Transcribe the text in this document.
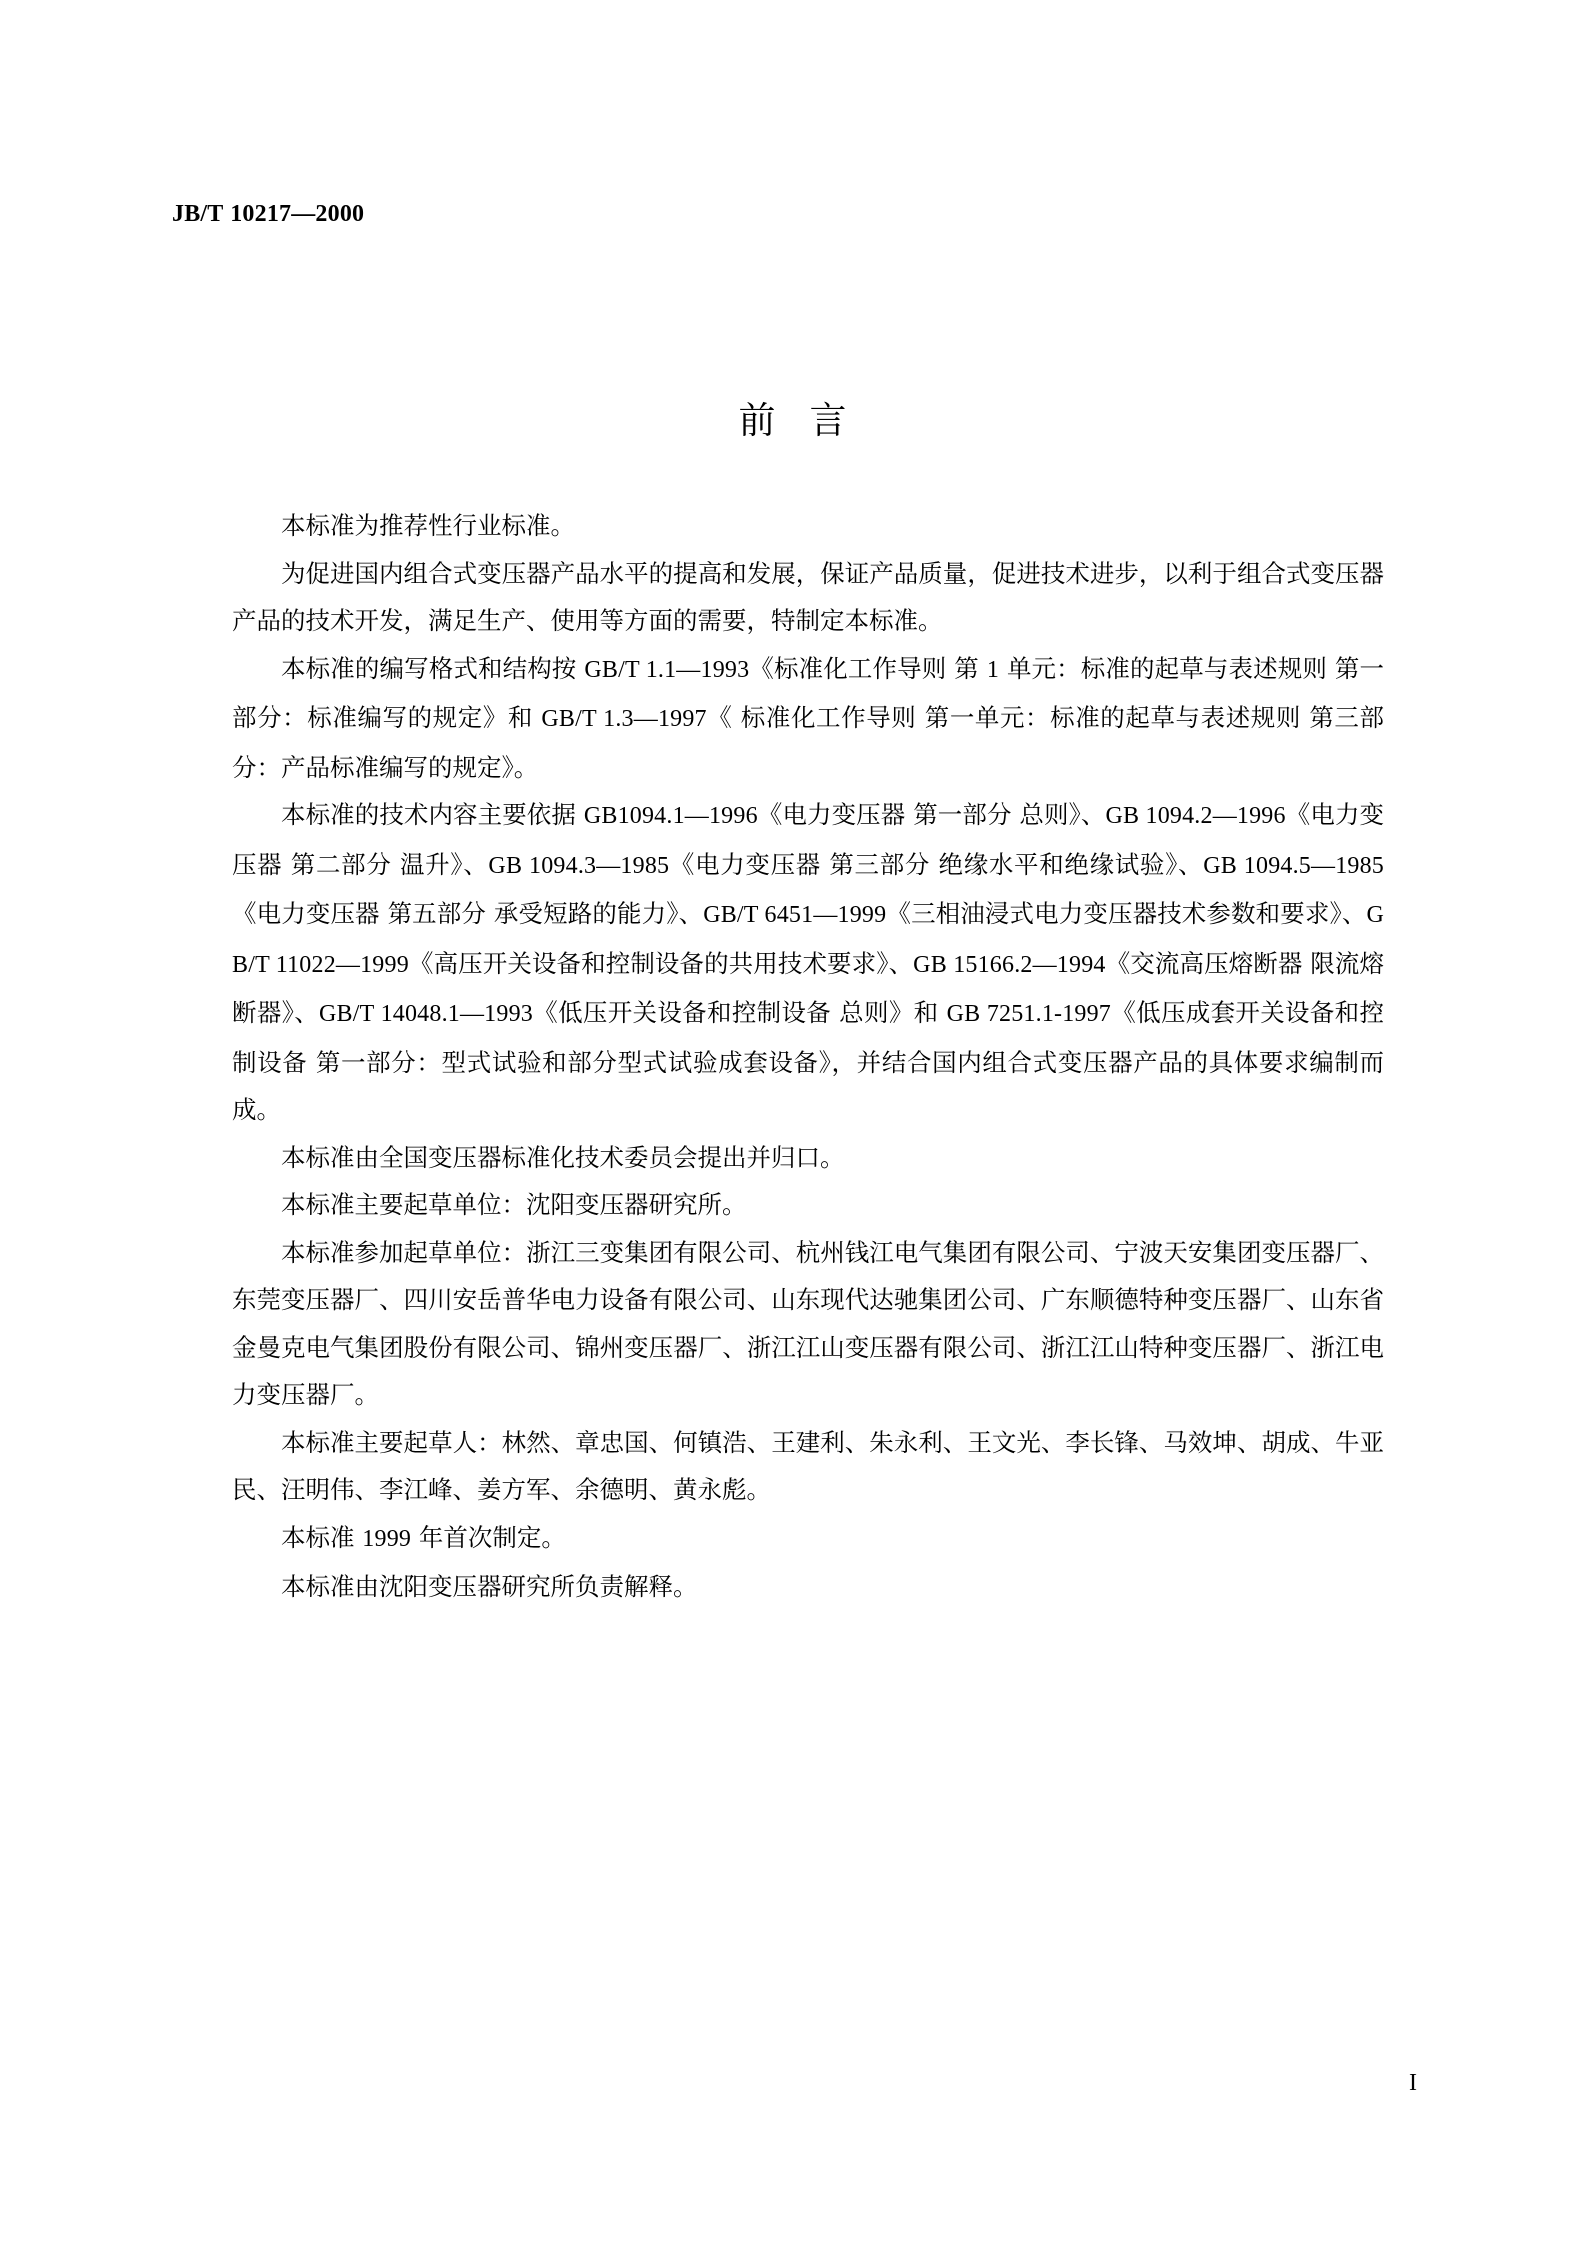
JB/T 10217—2000
前言

本标准为推荐性行业标准。

为促进国内组合式变压器产品水平的提高和发展，保证产品质量，促进技术进步，以利于组合式变压器产品的技术开发，满足生产、使用等方面的需要，特制定本标准。

本标准的编写格式和结构按 GB/T 1.1—1993《标准化工作导则 第 1 单元：标准的起草与表述规则 第一部分：标准编写的规定》和 GB/T 1.3—1997《 标准化工作导则 第一单元：标准的起草与表述规则 第三部分：产品标准编写的规定》。

本标准的技术内容主要依据 GB1094.1—1996《电力变压器 第一部分 总则》、GB 1094.2—1996《电力变压器 第二部分 温升》、GB 1094.3—1985《电力变压器 第三部分 绝缘水平和绝缘试验》、GB 1094.5—1985《电力变压器 第五部分 承受短路的能力》、GB/T 6451—1999《三相油浸式电力变压器技术参数和要求》、GB/T 11022—1999《高压开关设备和控制设备的共用技术要求》、GB 15166.2—1994《交流高压熔断器 限流熔断器》、GB/T 14048.1—1993《低压开关设备和控制设备 总则》和 GB 7251.1-1997《低压成套开关设备和控制设备 第一部分：型式试验和部分型式试验成套设备》，并结合国内组合式变压器产品的具体要求编制而成。

本标准由全国变压器标准化技术委员会提出并归口。

本标准主要起草单位：沈阳变压器研究所。

本标准参加起草单位：浙江三变集团有限公司、杭州钱江电气集团有限公司、宁波天安集团变压器厂、东莞变压器厂、四川安岳普华电力设备有限公司、山东现代达驰集团公司、广东顺德特种变压器厂、山东省金曼克电气集团股份有限公司、锦州变压器厂、浙江江山变压器有限公司、浙江江山特种变压器厂、浙江电力变压器厂。

本标准主要起草人：林然、章忠国、何镇浩、王建利、朱永利、王文光、李长锋、马效坤、胡成、牛亚民、汪明伟、李江峰、姜方军、余德明、黄永彪。

本标准 1999 年首次制定。

本标准由沈阳变压器研究所负责解释。

I
